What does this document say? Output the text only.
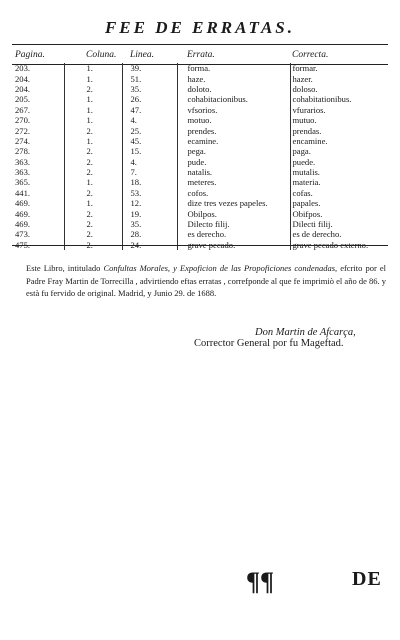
FEE DE ERRATAS.
Pagina.	Coluna.	Linea.	Errata.	Correcta.
203.	1.	39.	forma.	formar.
204.	1.	51.	haze.	hazer.
204.	2.	35.	doloto.	doloso.
205.	1.	26.	cohabitacionibus.	cohabitationibus.
267.	1.	47.	vfsorios.	vfurarios.
270.	1.	4.	motuo.	mutuo.
272.	2.	25.	prendes.	prendas.
274.	1.	45.	ecamine.	encamine.
278.	2.	15.	pega.	paga.
363.	2.	4.	pude.	puede.
363.	2.	7.	natalis.	mutalis.
365.	1.	18.	meteres.	materia.
441.	2.	53.	cofos.	cofas.
469.	1.	12.	dize tres vezes papeles.	papales.
469.	2.	19.	Obilpos.	Obifpos.
469.	2.	35.	Dilecto filij.	Dilecti filij.
473.	2.	28.	es derecho.	es de derecho.
475.	2.	24.	grave pecado.	grave pecado externo.
Este Libro, intitulado Confultas Morales, y Expoficion de las Propoficiones condenadas, efcrito por el Padre Fray Martin de Torrecilla , advirtiendo eftas erratas , correfponde al que fe imprimiò el año de 86. y està fu fervido de original. Madrid, y Junio 29. de 1688.
Don Martin de Afcarça,
Corrector General por fu Mageftad.
¶¶	DE
